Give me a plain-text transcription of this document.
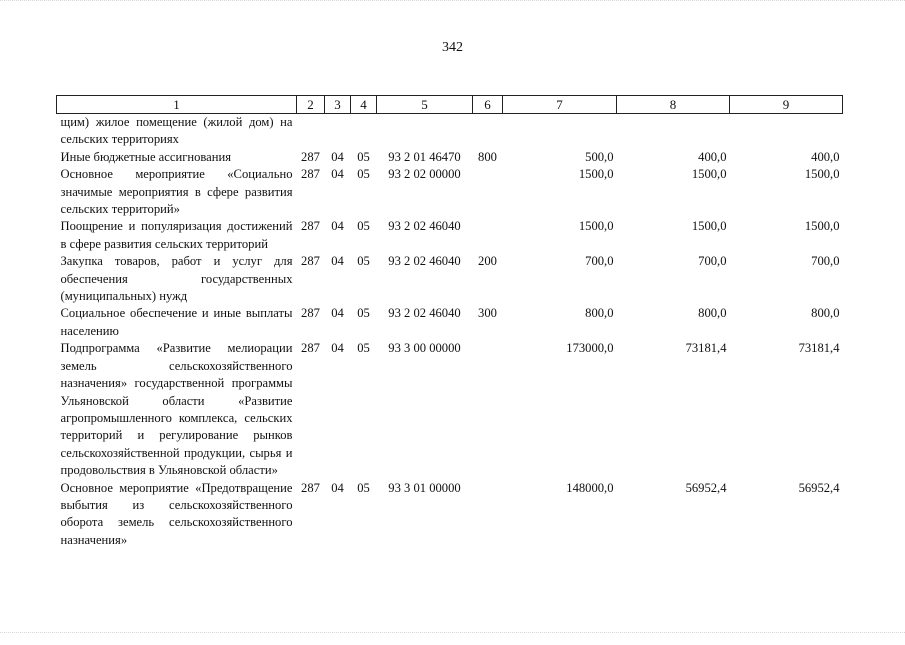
342
1	2	3	4	5	6	7	8	9
щим) жилое помещение (жилой дом) на сельских территориях								
Иные бюджетные ассигнования	287	04	05	93 2 01 46470	800	500,0	400,0	400,0
Основное мероприятие «Социально значимые мероприятия в сфере развития сельских территорий»	287	04	05	93 2 02 00000		1500,0	1500,0	1500,0
Поощрение и популяризация достижений в сфере развития сельских территорий	287	04	05	93 2 02 46040		1500,0	1500,0	1500,0
Закупка товаров, работ и услуг для обеспечения государственных (муниципальных) нужд	287	04	05	93 2 02 46040	200	700,0	700,0	700,0
Социальное обеспечение и иные выплаты населению	287	04	05	93 2 02 46040	300	800,0	800,0	800,0
Подпрограмма «Развитие мелиорации земель сельскохозяйственного назначения» государственной программы Ульяновской области «Развитие агропромышленного комплекса, сельских территорий и регулирование рынков сельскохозяйственной продукции, сырья и продовольствия в Ульяновской области»	287	04	05	93 3 00 00000		173000,0	73181,4	73181,4
Основное мероприятие «Предотвращение выбытия из сельскохозяйственного оборота земель сельскохозяйственного назначения»	287	04	05	93 3 01 00000		148000,0	56952,4	56952,4
